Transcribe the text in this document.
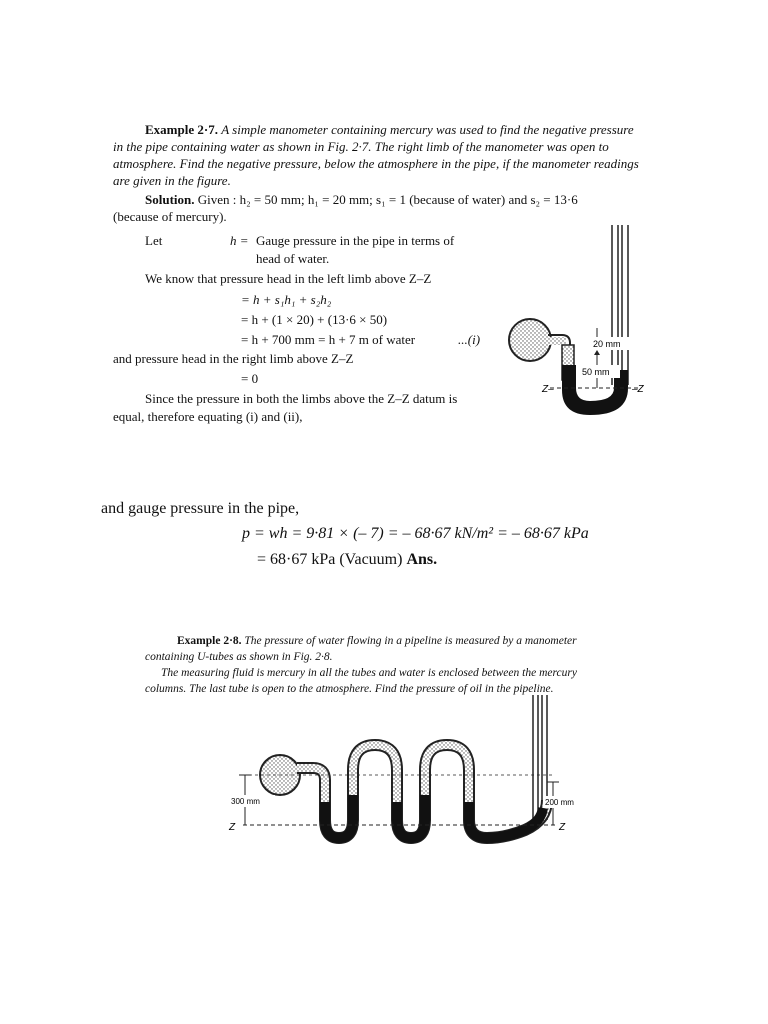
Example 2·7. A simple manometer containing mercury was used to find the negative pressure
in the pipe containing water as shown in Fig. 2·7. The right limb of the manometer was open to
atmosphere. Find the negative pressure, below the atmosphere in the pipe, if the manometer readings
are given in the figure.
Solution. Given : h₂ = 50 mm; h₁ = 20 mm; s₁ = 1 (because of water) and s₂ = 13·6
(because of mercury).
Let	h = Gauge pressure in the pipe in terms of
head of water.
We know that pressure head in the left limb above Z–Z
= h + s₁h₁ + s₂h₂
= h + (1 × 20) + (13·6 × 50)
= h + 700 mm = h + 7 m of water	...(i)
and pressure head in the right limb above Z–Z
= 0
Since the pressure in both the limbs above the Z–Z datum is
equal, therefore equating (i) and (ii),
Z–	–Z
20 mm
50 mm
and gauge pressure in the pipe,
p = wh = 9·81 × (– 7) = – 68·67 kN/m² = – 68·67 kPa
= 68·67 kPa (Vacuum) Ans.
Example 2·8. The pressure of water flowing in a pipeline is measured by a manometer
containing U-tubes as shown in Fig. 2·8.
The measuring fluid is mercury in all the tubes and water is enclosed between the mercury
columns. The last tube is open to the atmosphere. Find the pressure of oil in the pipeline.
300 mm
Z
200 mm
Z
